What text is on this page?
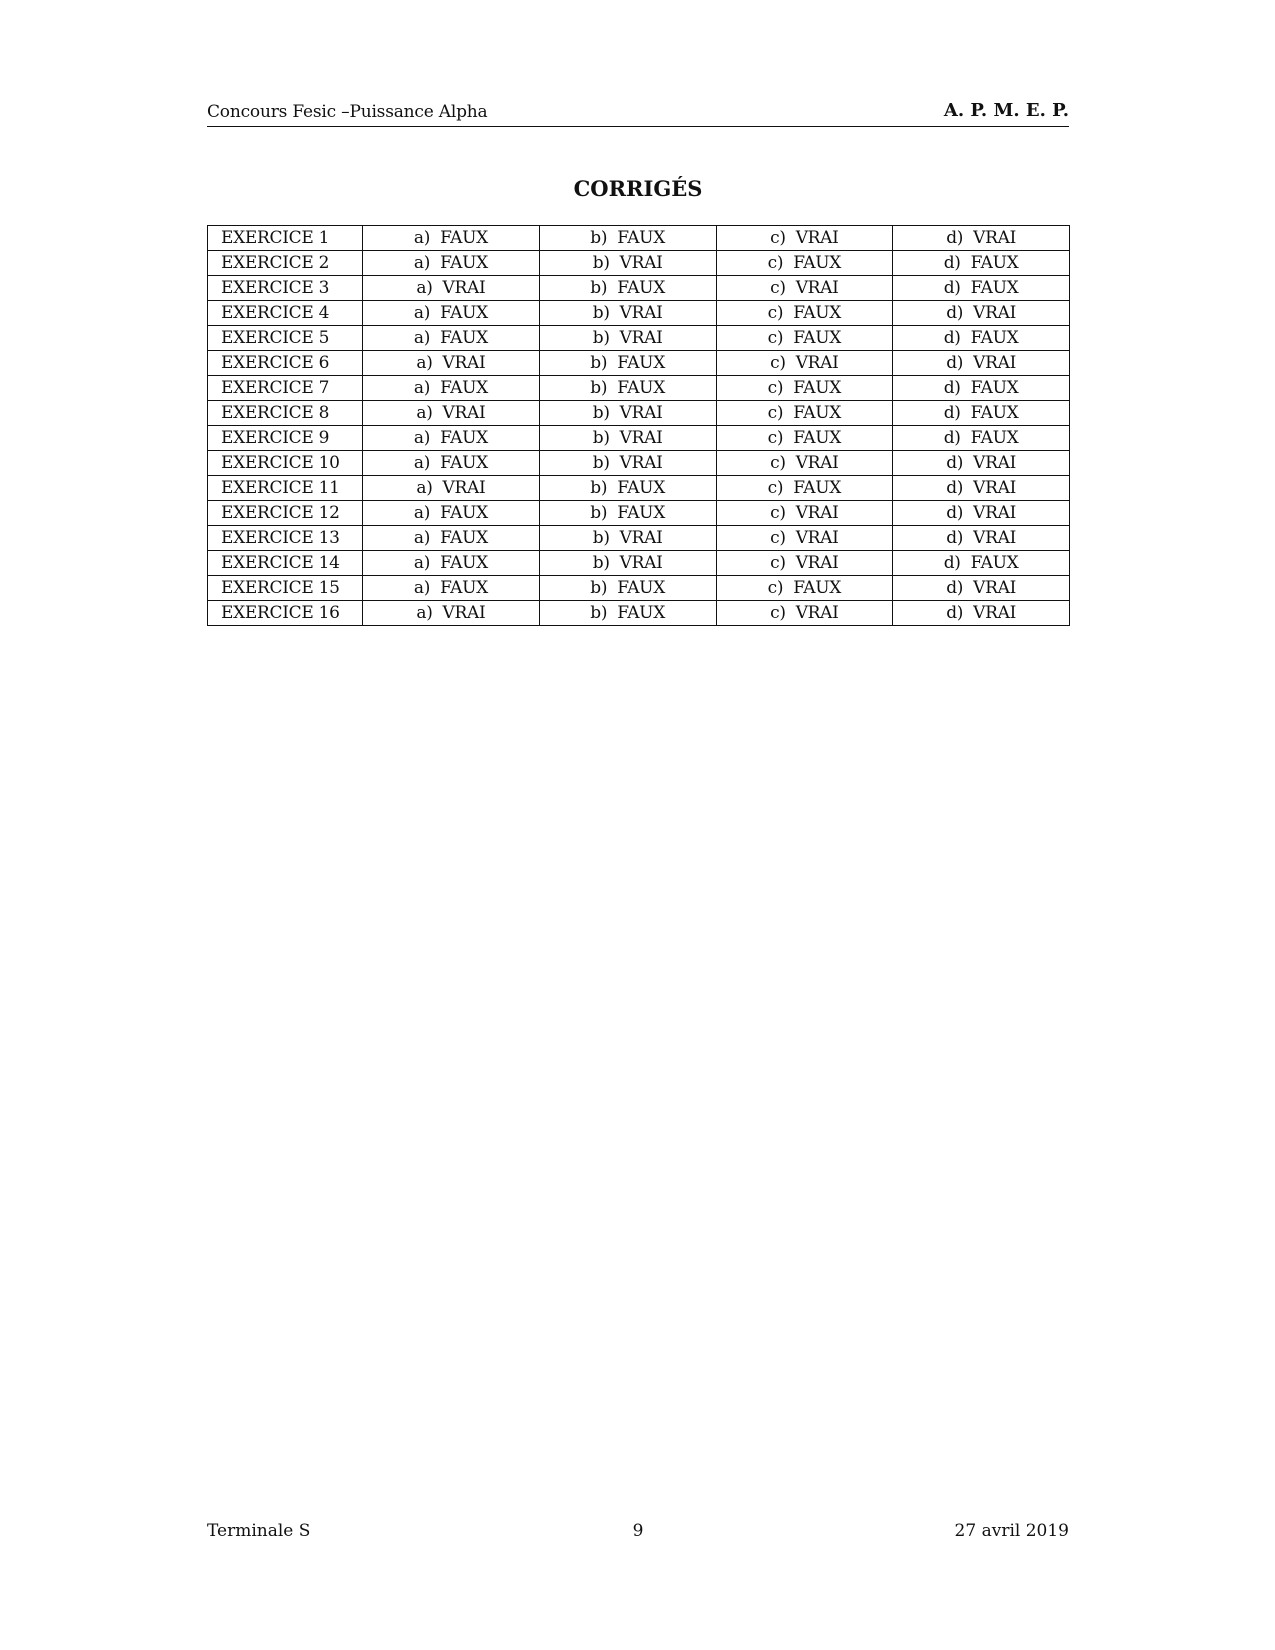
Concours Fesic –Puissance Alpha	A. P. M. E. P.
CORRIGÉS
EXERCICE 1	a) FAUX	b) FAUX	c) VRAI	d) VRAI
EXERCICE 2	a) FAUX	b) VRAI	c) FAUX	d) FAUX
EXERCICE 3	a) VRAI	b) FAUX	c) VRAI	d) FAUX
EXERCICE 4	a) FAUX	b) VRAI	c) FAUX	d) VRAI
EXERCICE 5	a) FAUX	b) VRAI	c) FAUX	d) FAUX
EXERCICE 6	a) VRAI	b) FAUX	c) VRAI	d) VRAI
EXERCICE 7	a) FAUX	b) FAUX	c) FAUX	d) FAUX
EXERCICE 8	a) VRAI	b) VRAI	c) FAUX	d) FAUX
EXERCICE 9	a) FAUX	b) VRAI	c) FAUX	d) FAUX
EXERCICE 10	a) FAUX	b) VRAI	c) VRAI	d) VRAI
EXERCICE 11	a) VRAI	b) FAUX	c) FAUX	d) VRAI
EXERCICE 12	a) FAUX	b) FAUX	c) VRAI	d) VRAI
EXERCICE 13	a) FAUX	b) VRAI	c) VRAI	d) VRAI
EXERCICE 14	a) FAUX	b) VRAI	c) VRAI	d) FAUX
EXERCICE 15	a) FAUX	b) FAUX	c) FAUX	d) VRAI
EXERCICE 16	a) VRAI	b) FAUX	c) VRAI	d) VRAI
Terminale S	9	27 avril 2019
